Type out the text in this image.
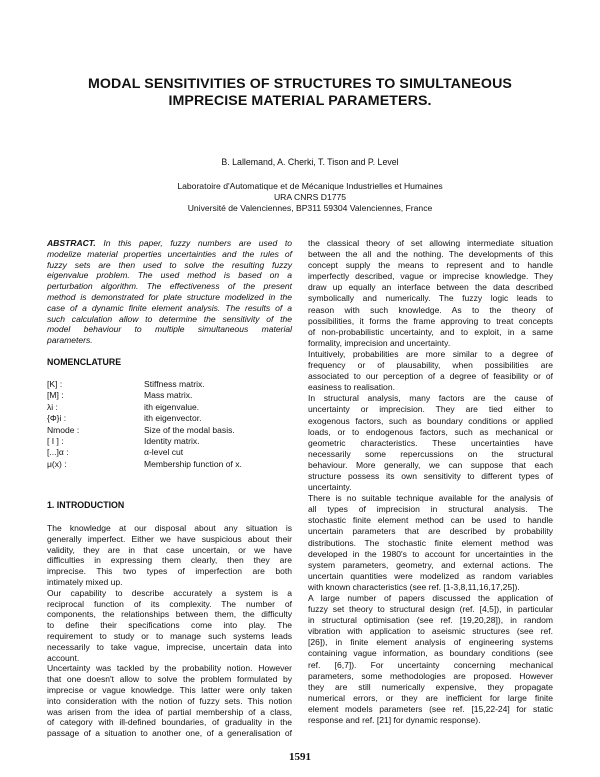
MODAL SENSITIVITIES OF STRUCTURES TO SIMULTANEOUS
IMPRECISE MATERIAL PARAMETERS.
B. Lallemand, A. Cherki, T. Tison and P. Level
Laboratoire d'Automatique et de Mécanique Industrielles et Humaines
URA CNRS D1775
Université de Valenciennes, BP311 59304 Valenciennes, France
ABSTRACT. In this paper, fuzzy numbers are used to
modelize material properties uncertainties and the rules of
fuzzy sets are then used to solve the resulting fuzzy
eigenvalue problem. The used method is based on a
perturbation algorithm. The effectiveness of the present
method is demonstrated for plate structure modelized in the
case of a dynamic finite element analysis. The results of a
such calculation allow to determine the sensitivity of the
model behaviour to multiple simultaneous material
parameters.
NOMENCLATURE
[K] :	Stiffness matrix.
[M] :	Mass matrix.
λi :	ith eigenvalue.
{Φ}i :	ith eigenvector.
Nmode :	Size of the modal basis.
[ I ] :	Identity matrix.
[...]α :	α-level cut
μ(x) :	Membership function of x.
1. INTRODUCTION
The knowledge at our disposal about any situation is
generally imperfect. Either we have suspicious about their
validity, they are in that case uncertain, or we have
difficulties in expressing them clearly, then they are
imprecise. This two types of imperfection are both
intimately mixed up.
Our capability to describe accurately a system is a
reciprocal function of its complexity. The number of
components, the relationships between them, the difficulty
to define their specifications come into play. The
requirement to study or to manage such systems leads
necessarily to take vague, imprecise, uncertain data into
account.
Uncertainty was tackled by the probability notion. However
that one doesn't allow to solve the problem formulated by
imprecise or vague knowledge. This latter were only taken
into consideration with the notion of fuzzy sets. This notion
was arisen from the idea of partial membership of a class,
of category with ill-defined boundaries, of graduality in the
passage of a situation to another one, of a generalisation of
the classical theory of set allowing intermediate situation
between the all and the nothing. The developments of this
concept supply the means to represent and to handle
imperfectly described, vague or imprecise knowledge. They
draw up equally an interface between the data described
symbolically and numerically. The fuzzy logic leads to
reason with such knowledge. As to the theory of
possibilities, it forms the frame approving to treat concepts
of non-probabilistic uncertainty, and to exploit, in a same
formality, imprecision and uncertainty.
Intuitively, probabilities are more similar to a degree of
frequency or of plausability, when possibilities are
associated to our perception of a degree of feasibility or of
easiness to realisation.
In structural analysis, many factors are the cause of
uncertainty or imprecision. They are tied either to
exogenous factors, such as boundary conditions or applied
loads, or to endogenous factors, such as mechanical or
geometric characteristics. These uncertainties have
necessarily some repercussions on the structural
behaviour. More generally, we can suppose that each
structure possess its own sensitivity to different types of
uncertainty.
There is no suitable technique available for the analysis of
all types of imprecision in structural analysis. The
stochastic finite element method can be used to handle
uncertain parameters that are described by probability
distributions. The stochastic finite element method was
developed in the 1980's to account for uncertainties in the
system parameters, geometry, and external actions. The
uncertain quantities were modelized as random variables
with known characteristics (see ref. [1-3,8,11,16,17,25]).
A large number of papers discussed the application of
fuzzy set theory to structural design (ref. [4,5]), in particular
in structural optimisation (see ref. [19,20,28]), in random
vibration with application to aseismic structures (see ref.
[26]), in finite element analysis of engineering systems
containing vague information, as boundary conditions (see
ref. [6,7]). For uncertainty concerning mechanical
parameters, some methodologies are proposed. However
they are still numerically expensive, they propagate
numerical errors, or they are inefficient for large finite
element models parameters (see ref. [15,22-24] for static
response and ref. [21] for dynamic response).
1591
